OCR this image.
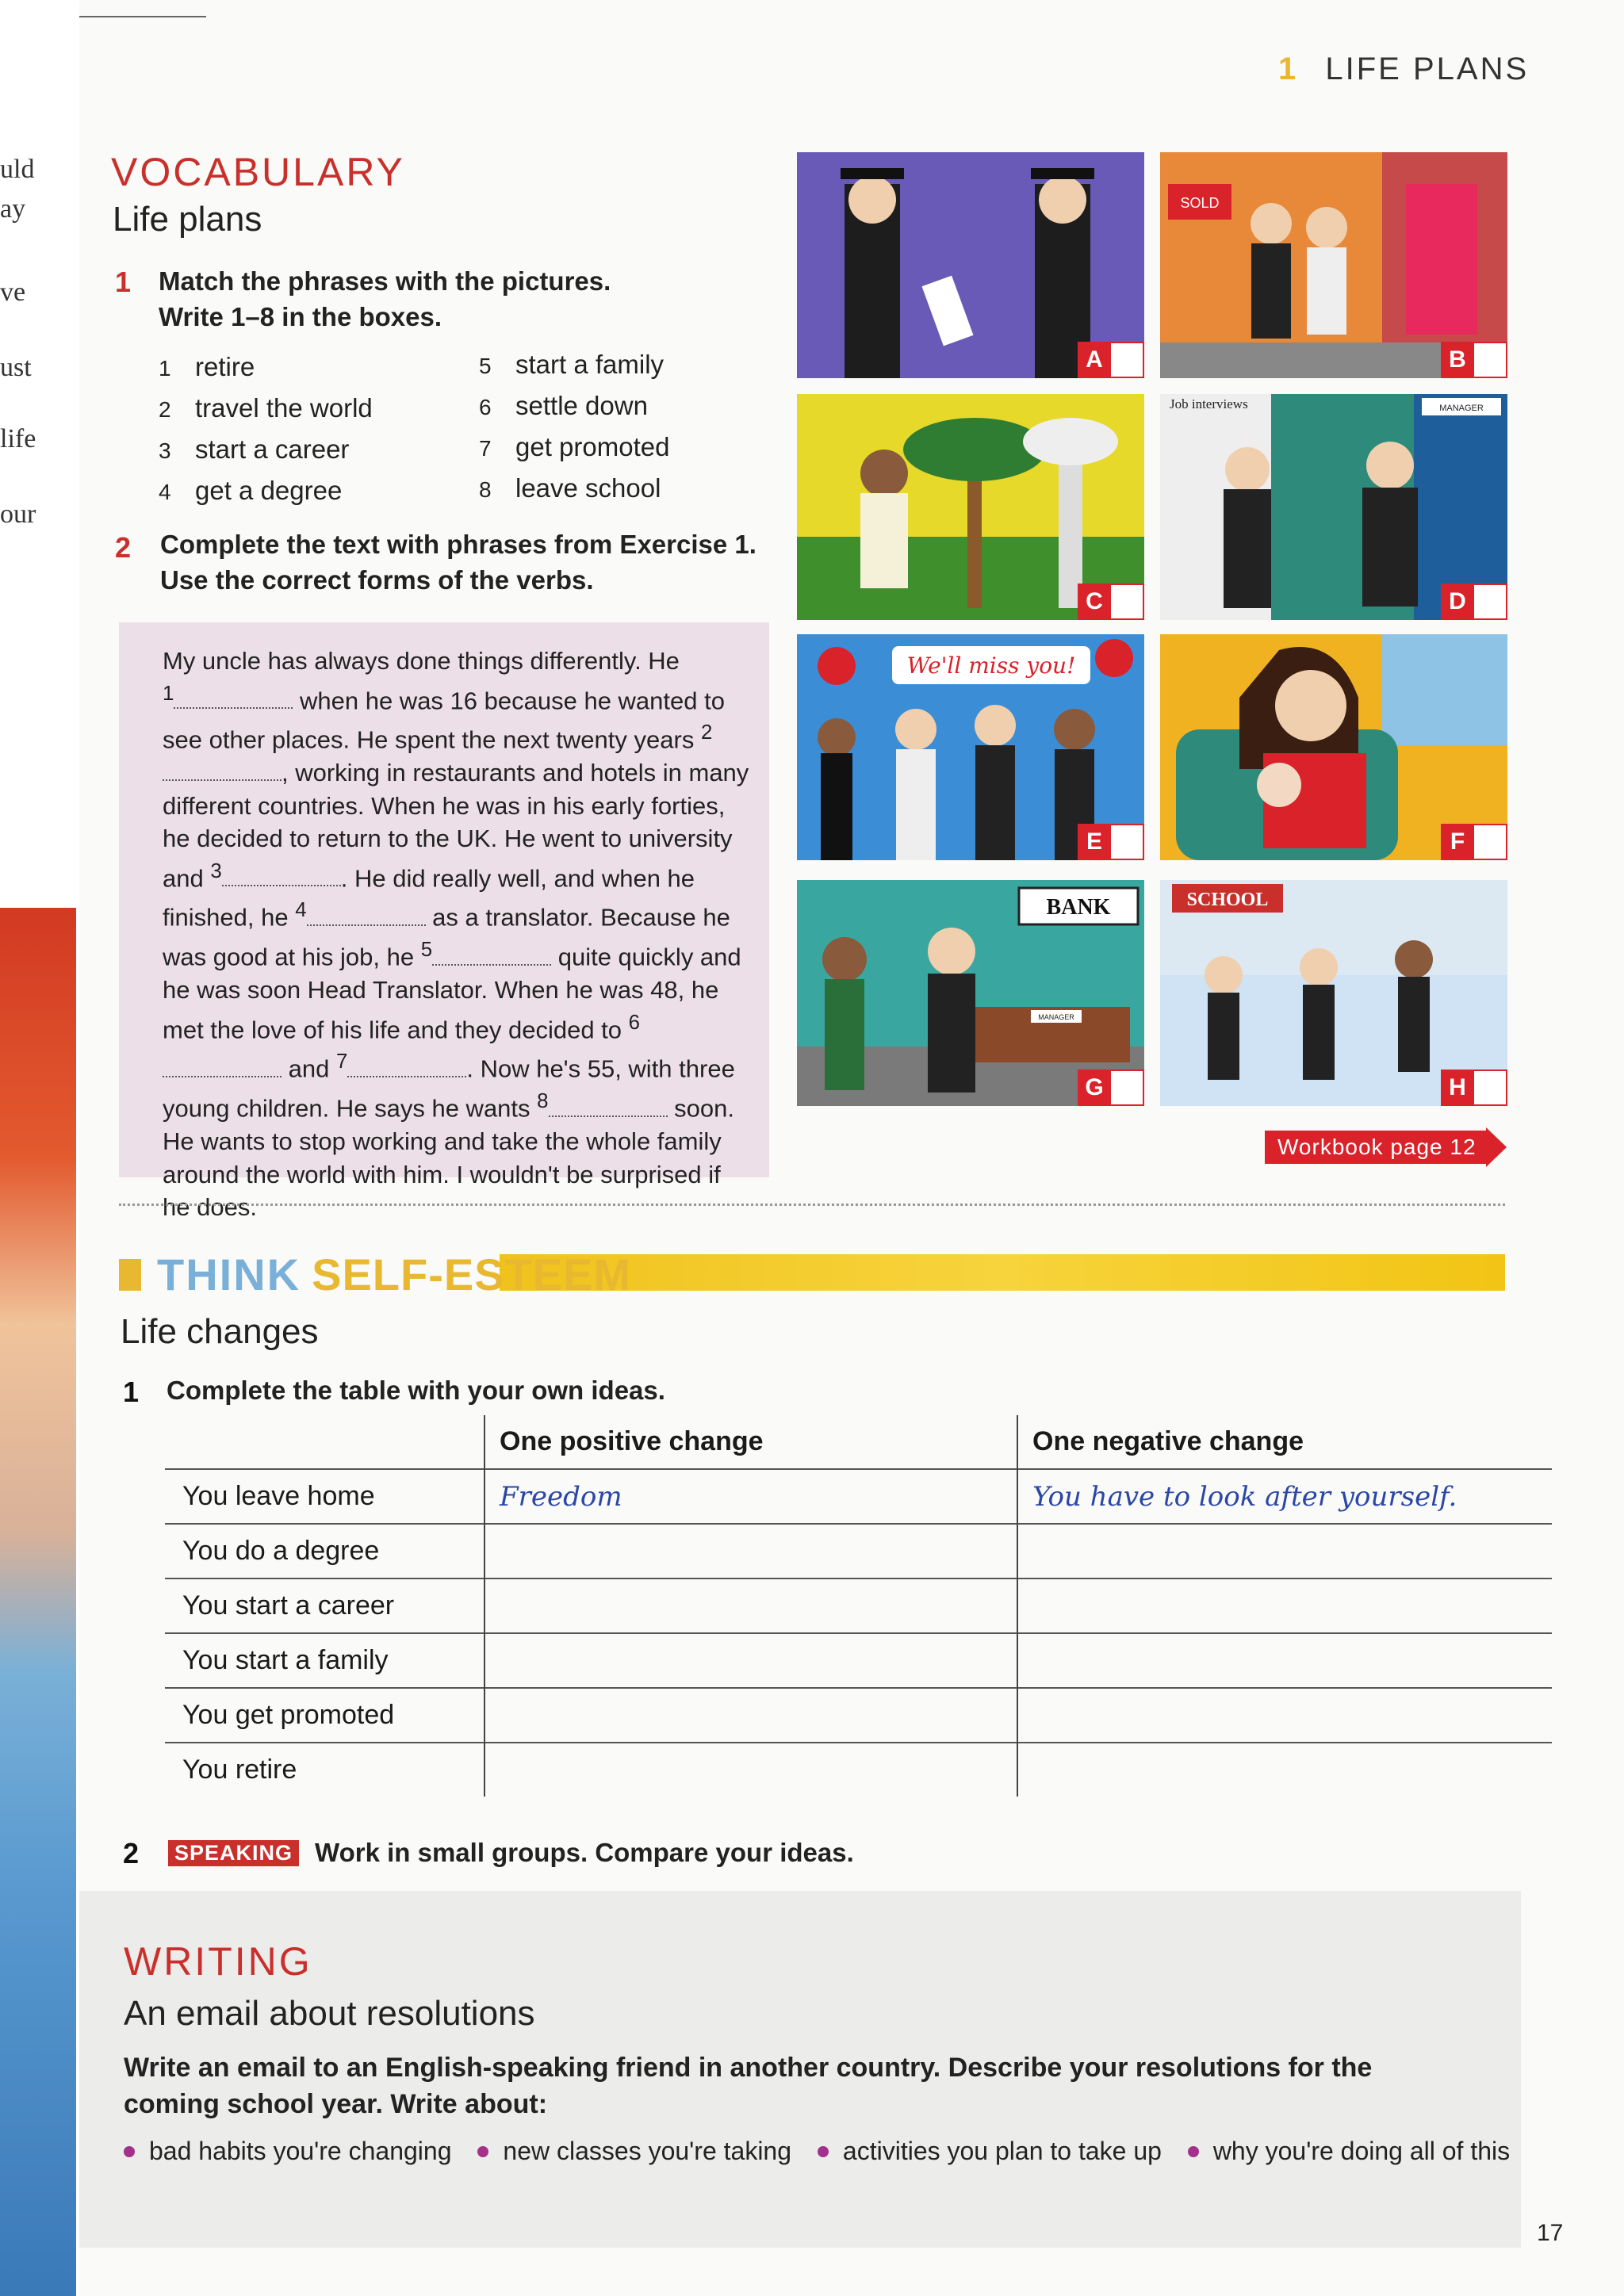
uld
ay
ve
ust
life
our
1 LIFE PLANS
VOCABULARY
Life plans
1 Match the phrases with the pictures.
Write 1–8 in the boxes.
1 retire
2 travel the world
3 start a career
4 get a degree
5 start a family
6 settle down
7 get promoted
8 leave school
2 Complete the text with phrases from Exercise 1.
Use the correct forms of the verbs.

My uncle has always done things differently. He
$^1$	when he was 16 because he wanted to see other places. He spent the next twenty years $^2$, working in restaurants and hotels in many different countries. When he was in his early forties, he decided to return to the UK. He went to university and $^3$	. He did really well, and when he finished, he $^4$	as a translator. Because he was good at his job, he $^5$	quite quickly and he was soon Head Translator. When he was 48, he met the love of his life and they decided to $^6$ and $^7$	. Now he's 55, with three young children. He says he wants $^8$	soon. He wants to stop working and take the whole family around the world with him. I wouldn't be surprised if he does.

A
SOLD
B
C
Job interviews	MANAGER
D
We'll miss you!
E	F
BANK
MANAGER
G
SCHOOL
H
Workbook page 12
THINK SELF-ESTEEM
Life changes
1 Complete the table with your own ideas.
	One positive change	One negative change
You leave home	Freedom	You have to look after yourself.
You do a degree		
You start a career		
You start a family		
You get promoted		
You retire		
2 SPEAKING Work in small groups. Compare your ideas.
WRITING
An email about resolutions
Write an email to an English-speaking friend in another country. Describe your resolutions for the
coming school year. Write about:
bad habits you're changing new classes you're taking activities you plan to take up why you're doing all of this
17
